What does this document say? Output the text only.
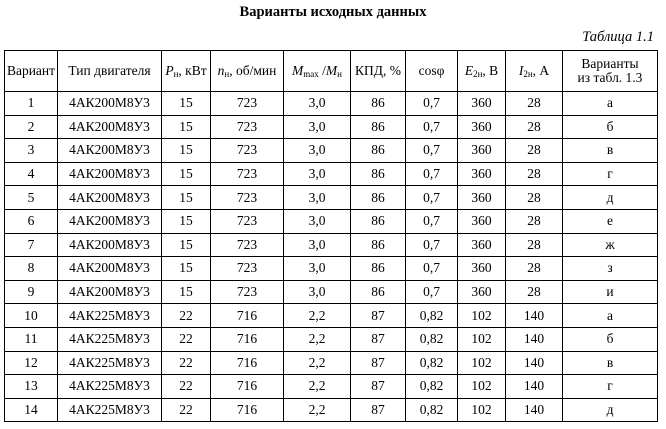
Варианты исходных данных
Таблица 1.1
Вариант	Тип двигателя	$P_н$, кВт	$n_н$, об/мин	$M_{max}$ $/M_н$	КПД, %	cosφ	$E_{2н}$, В	$I_{2н}$, А	Варианты
из табл. 1.3
1	4АК200М8У3	15	723	3,0	86	0,7	360	28	а
2	4АК200М8У3	15	723	3,0	86	0,7	360	28	б
3	4АК200М8У3	15	723	3,0	86	0,7	360	28	в
4	4АК200М8У3	15	723	3,0	86	0,7	360	28	г
5	4АК200М8У3	15	723	3,0	86	0,7	360	28	д
6	4АК200М8У3	15	723	3,0	86	0,7	360	28	е
7	4АК200М8У3	15	723	3,0	86	0,7	360	28	ж
8	4АК200М8У3	15	723	3,0	86	0,7	360	28	з
9	4АК200М8У3	15	723	3,0	86	0,7	360	28	и
10	4АК225М8У3	22	716	2,2	87	0,82	102	140	а
11	4АК225М8У3	22	716	2,2	87	0,82	102	140	б
12	4АК225М8У3	22	716	2,2	87	0,82	102	140	в
13	4АК225М8У3	22	716	2,2	87	0,82	102	140	г
14	4АК225М8У3	22	716	2,2	87	0,82	102	140	д
